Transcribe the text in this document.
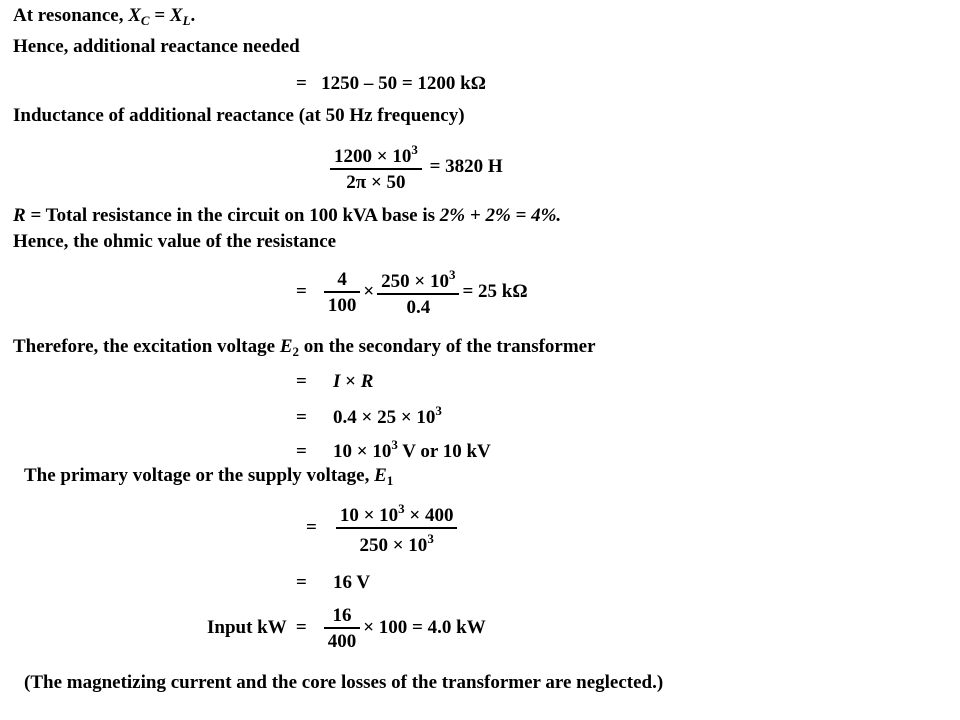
At resonance, $X_C = X_L$.
Hence, additional reactance needed
=   1250 – 50 = 1200 kΩ
Inductance of additional reactance (at 50 Hz frequency)
$\frac{1200 \times 10^3}{2\pi \times 50} = 3820$ H
R = Total resistance in the circuit on 100 kVA base is 2% + 2% = 4%.
Hence, the ohmic value of the resistance
= $\frac{4}{100} \times \frac{250 \times 10^3}{0.4} = 25$ kΩ
Therefore, the excitation voltage $E_2$ on the secondary of the transformer
= I × R
= $0.4 \times 25 \times 10^3$
= $10 \times 10^3$ V or 10 kV
The primary voltage or the supply voltage, $E_1$
= $\frac{10 \times 10^3 \times 400}{250 \times 10^3}$
= 16 V
Input kW  = $\frac{16}{400} \times 100 = 4.0$ kW
(The magnetizing current and the core losses of the transformer are neglected.)
